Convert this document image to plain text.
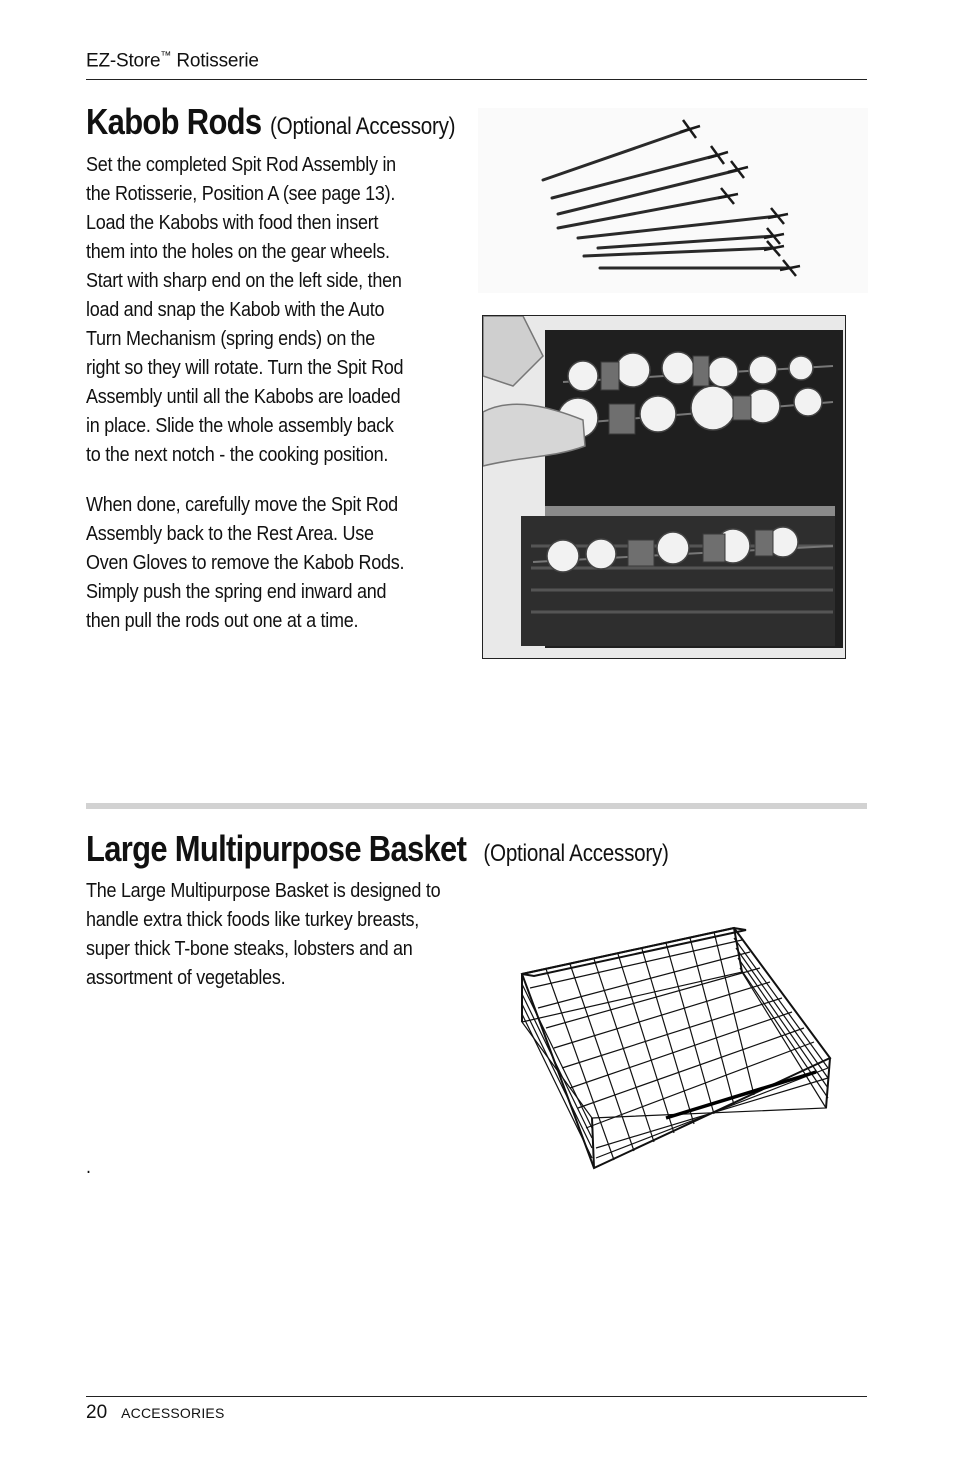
EZ-Store™ Rotisserie
Kabob Rods (Optional Accessory)

Set the completed Spit Rod Assembly in

the Rotisserie, Position A (see page 13).

Load the Kabobs with food then insert

them into the holes on the gear wheels.

Start with sharp end on the left side, then

load and snap the Kabob with the Auto

Turn Mechanism (spring ends) on the

right so they will rotate. Turn the Spit Rod

Assembly until all the Kabobs are loaded

in place. Slide the whole assembly back

to the next notch - the cooking position.

When done, carefully move the Spit Rod

Assembly back to the Rest Area. Use

Oven Gloves to remove the Kabob Rods.

Simply push the spring end inward and

then pull the rods out one at a time.

Large Multipurpose Basket (Optional Accessory)

The Large Multipurpose Basket is designed to

handle extra thick foods like turkey breasts,

super thick T-bone steaks, lobsters and an

assortment of vegetables.

.
20 ACCESSORIES
